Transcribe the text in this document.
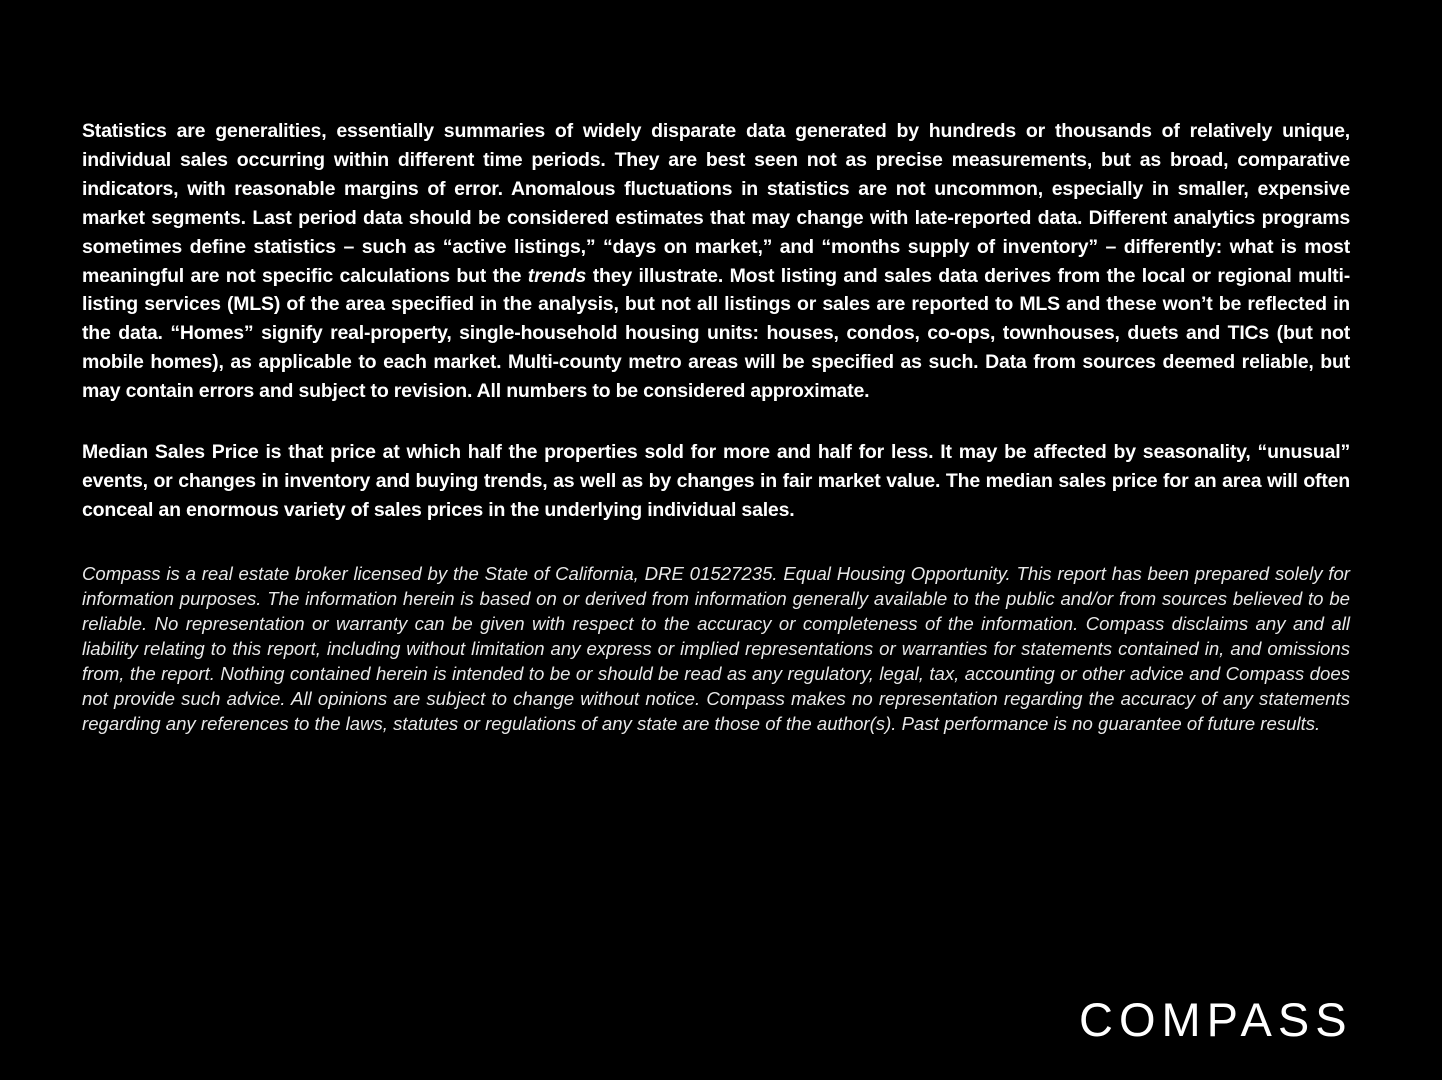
Statistics are generalities, essentially summaries of widely disparate data generated by hundreds or thousands of relatively unique, individual sales occurring within different time periods. They are best seen not as precise measurements, but as broad, comparative indicators, with reasonable margins of error. Anomalous fluctuations in statistics are not uncommon, especially in smaller, expensive market segments. Last period data should be considered estimates that may change with late-reported data. Different analytics programs sometimes define statistics – such as “active listings,” “days on market,” and “months supply of inventory” – differently: what is most meaningful are not specific calculations but the trends they illustrate. Most listing and sales data derives from the local or regional multi-listing services (MLS) of the area specified in the analysis, but not all listings or sales are reported to MLS and these won’t be reflected in the data. “Homes” signify real-property, single-household housing units: houses, condos, co-ops, townhouses, duets and TICs (but not mobile homes), as applicable to each market. Multi-county metro areas will be specified as such. Data from sources deemed reliable, but may contain errors and subject to revision. All numbers to be considered approximate.

Median Sales Price is that price at which half the properties sold for more and half for less. It may be affected by seasonality, “unusual” events, or changes in inventory and buying trends, as well as by changes in fair market value. The median sales price for an area will often conceal an enormous variety of sales prices in the underlying individual sales.

Compass is a real estate broker licensed by the State of California, DRE 01527235. Equal Housing Opportunity. This report has been prepared solely for information purposes. The information herein is based on or derived from information generally available to the public and/or from sources believed to be reliable. No representation or warranty can be given with respect to the accuracy or completeness of the information. Compass disclaims any and all liability relating to this report, including without limitation any express or implied representations or warranties for statements contained in, and omissions from, the report. Nothing contained herein is intended to be or should be read as any regulatory, legal, tax, accounting or other advice and Compass does not provide such advice. All opinions are subject to change without notice. Compass makes no representation regarding the accuracy of any statements regarding any references to the laws, statutes or regulations of any state are those of the author(s). Past performance is no guarantee of future results.

COMPASS
